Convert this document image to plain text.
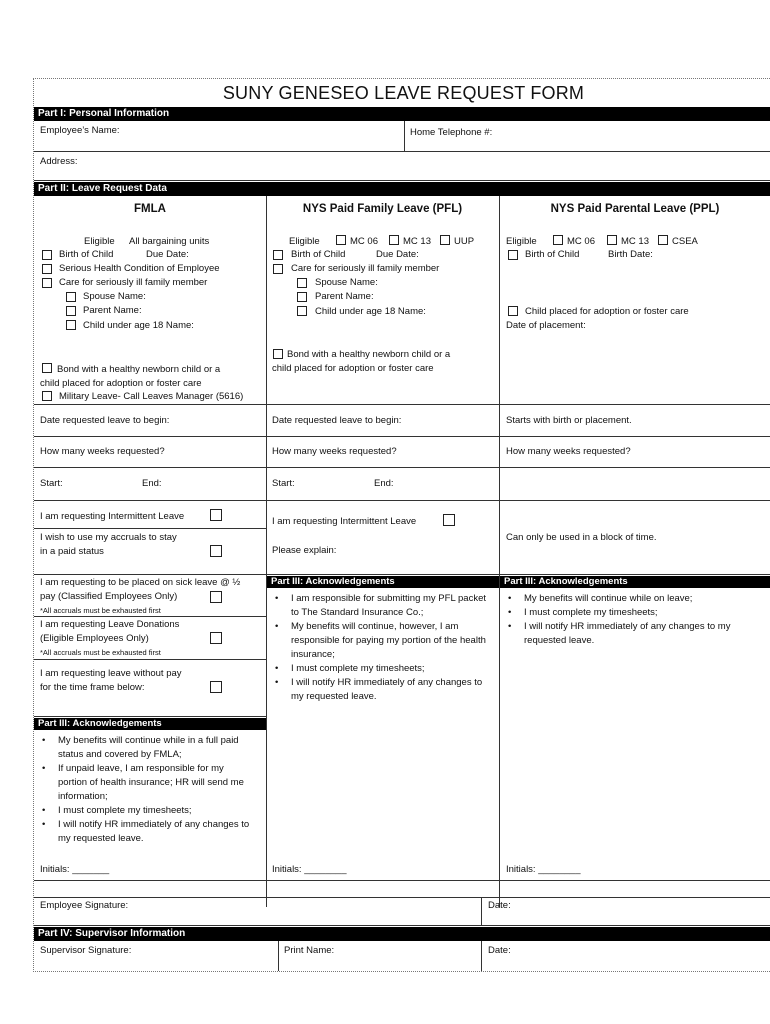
SUNY GENESEO LEAVE REQUEST FORM
Part I: Personal Information
Employee’s Name:	Home Telephone #:
Address:
Part II: Leave Request Data
FMLA	NYS Paid Family Leave (PFL)	NYS Paid Parental Leave (PPL)
Eligible All bargaining units
Birth of Child	Due Date:
Serious Health Condition of Employee
Care for seriously ill family member
Spouse Name:
Parent Name:
Child under age 18 Name:
Bond with a healthy newborn child or a
child placed for adoption or foster care
Military Leave- Call Leaves Manager (5616)
Eligible	MC 06	MC 13 UUP
Birth of Child	Due Date:
Care for seriously ill family member
Spouse Name:
Parent Name:
Child under age 18 Name:
Bond with a healthy newborn child or a
child placed for adoption or foster care
Eligible	MC 06	MC 13 CSEA
Birth of Child	Birth Date:
Child placed for adoption or foster care
Date of placement:
Date requested leave to begin:	Date requested leave to begin:	Starts with birth or placement.
How many weeks requested?	How many weeks requested?	How many weeks requested?
Start:	End:	Start:	End:
I am requesting Intermittent Leave
I wish to use my accruals to stay
in a paid status
I am requesting Intermittent Leave
Please explain:
Can only be used in a block of time.
I am requesting to be placed on sick leave @ ½
pay (Classified Employees Only)
*All accruals must be exhausted first
I am requesting Leave Donations
(Eligible Employees Only)
*All accruals must be exhausted first
I am requesting leave without pay
for the time frame below:
Part III: Acknowledgements
• I am responsible for submitting my PFL packet to The Standard Insurance Co.;
• My benefits will continue, however, I am responsible for paying my portion of the health insurance;
• I must complete my timesheets;
• I will notify HR immediately of any changes to my requested leave.
Part III: Acknowledgements
• My benefits will continue while on leave;
• I must complete my timesheets;
• I will notify HR immediately of any changes to my requested leave.
Part III: Acknowledgements
• My benefits will continue while in a full paid status and covered by FMLA;
• If unpaid leave, I am responsible for my portion of health insurance; HR will send me information;
• I must complete my timesheets;
• I will notify HR immediately of any changes to my requested leave.
Initials: _______	Initials: ________	Initials: ________
Employee Signature:	Date:
Part IV: Supervisor Information
Supervisor Signature:	Print Name:	Date:
